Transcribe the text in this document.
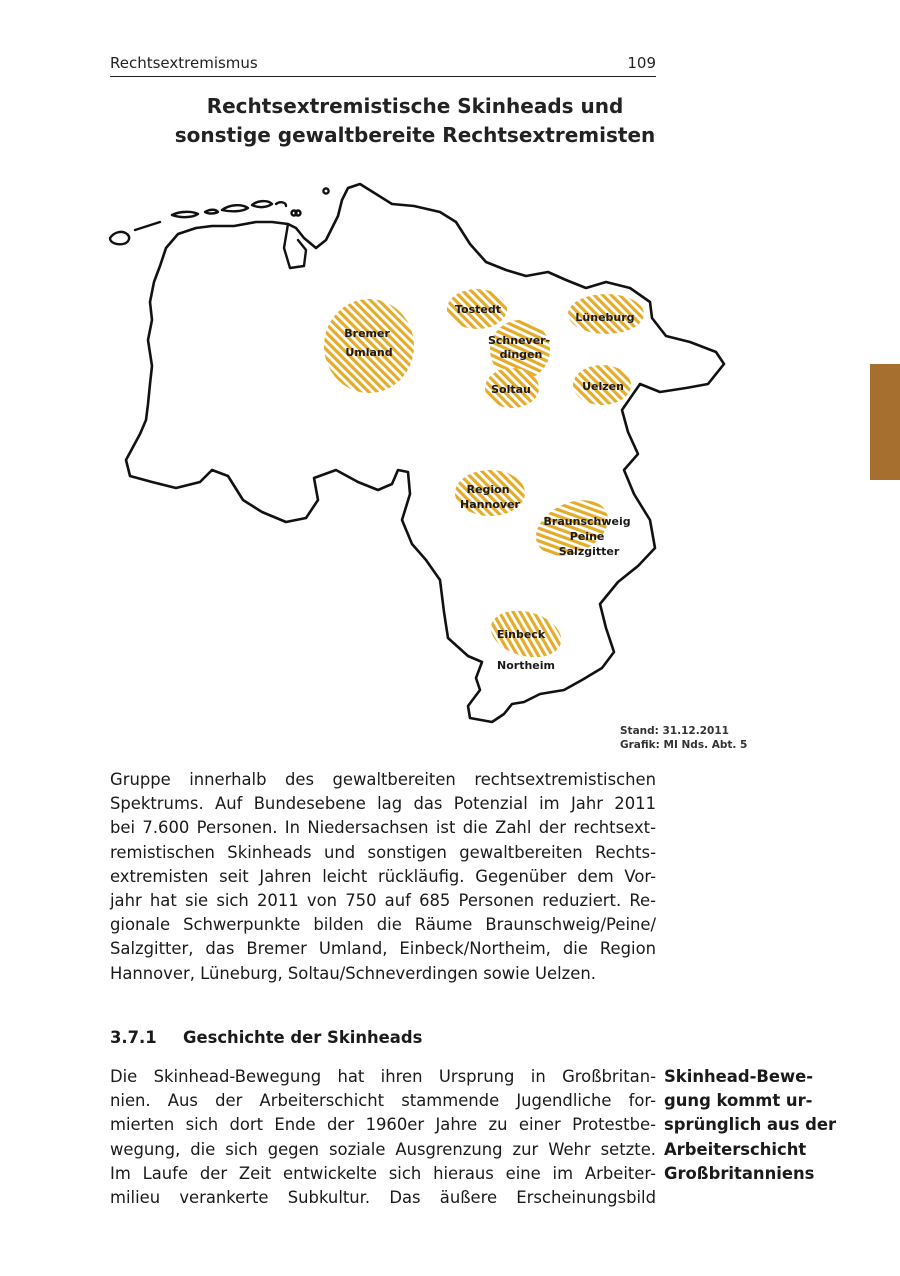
Rechtsextremismus	109
Rechtsextremistische Skinheads und
sonstige gewaltbereite Rechtsextremisten
Bremer Umland
Tostedt
Lüneburg
Schnever- dingen
Soltau	Uelzen
Region Hannover
Braunschweig Peine Salzgitter
Einbeck
Northeim
Stand: 31.12.2011
Grafik: MI Nds. Abt. 5
Gruppe innerhalb des gewaltbereiten rechtsextremistischen
Spektrums. Auf Bundesebene lag das Potenzial im Jahr 2011
bei 7.600 Personen. In Niedersachsen ist die Zahl der rechtsext-
remistischen Skinheads und sonstigen gewaltbereiten Rechts-
extremisten seit Jahren leicht rückläufig. Gegenüber dem Vor-
jahr hat sie sich 2011 von 750 auf 685 Personen reduziert. Re-
gionale Schwerpunkte bilden die Räume Braunschweig/Peine/
Salzgitter, das Bremer Umland, Einbeck/Northeim, die Region
Hannover, Lüneburg, Soltau/Schneverdingen sowie Uelzen.
3.7.1 Geschichte der Skinheads
Die Skinhead-Bewegung hat ihren Ursprung in Großbritan-
nien. Aus der Arbeiterschicht stammende Jugendliche for-
mierten sich dort Ende der 1960er Jahre zu einer Protestbe-
wegung, die sich gegen soziale Ausgrenzung zur Wehr setzte.
Im Laufe der Zeit entwickelte sich hieraus eine im Arbeiter-
milieu verankerte Subkultur. Das äußere Erscheinungsbild
Skinhead-Bewe-
gung kommt ur-
sprünglich aus der
Arbeiterschicht
Großbritanniens
